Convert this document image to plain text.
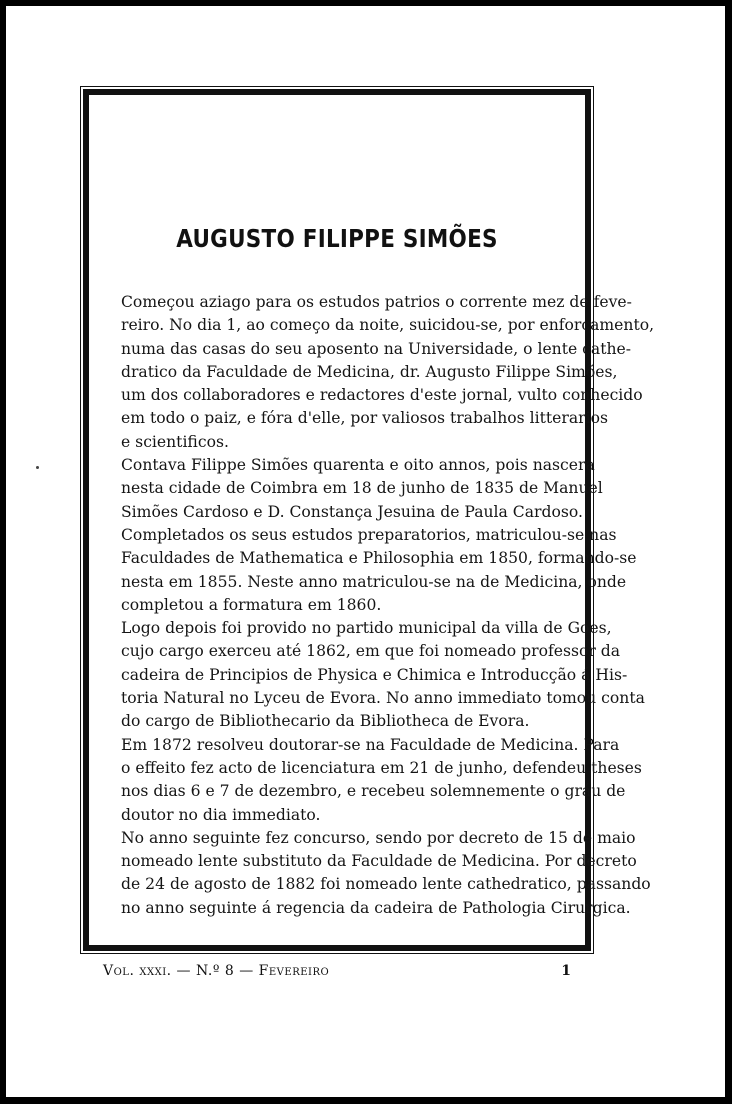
AUGUSTO FILIPPE SIMÕES

Começou aziago para os estudos patrios o corrente mez de feve-
reiro. No dia 1, ao começo da noite, suicidou-se, por enforcamento,
numa das casas do seu aposento na Universidade, o lente cathe-
dratico da Faculdade de Medicina, dr. Augusto Filippe Simões,
um dos collaboradores e redactores d'este jornal, vulto conhecido
em todo o paiz, e fóra d'elle, por valiosos trabalhos litterarios
e scientificos.

Contava Filippe Simões quarenta e oito annos, pois nascera
nesta cidade de Coimbra em 18 de junho de 1835 de Manuel
Simões Cardoso e D. Constança Jesuina de Paula Cardoso.

Completados os seus estudos preparatorios, matriculou-se nas
Faculdades de Mathematica e Philosophia em 1850, formando-se
nesta em 1855. Neste anno matriculou-se na de Medicina, onde
completou a formatura em 1860.

Logo depois foi provido no partido municipal da villa de Goes,
cujo cargo exerceu até 1862, em que foi nomeado professor da
cadeira de Principios de Physica e Chimica e Introducção á His-
toria Natural no Lyceu de Evora. No anno immediato tomou conta
do cargo de Bibliothecario da Bibliotheca de Evora.

Em 1872 resolveu doutorar-se na Faculdade de Medicina. Para
o effeito fez acto de licenciatura em 21 de junho, defendeu theses
nos dias 6 e 7 de dezembro, e recebeu solemnemente o gráu de
doutor no dia immediato.

No anno seguinte fez concurso, sendo por decreto de 15 de maio
nomeado lente substituto da Faculdade de Medicina. Por decreto
de 24 de agosto de 1882 foi nomeado lente cathedratico, passando
no anno seguinte á regencia da cadeira de Pathologia Cirurgica.

Vol. xxxi. — N.º 8 — Fevereiro	1
